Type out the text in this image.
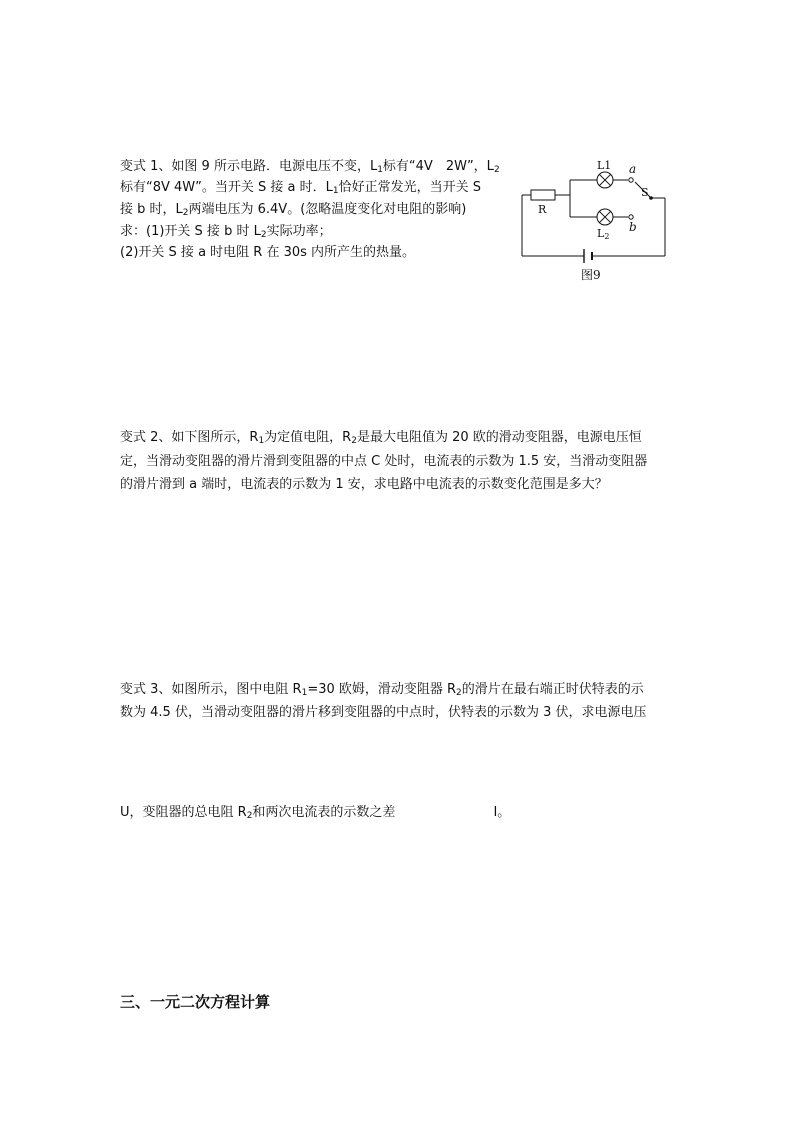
变式 1、如图 9 所示电路．电源电压不变，$L_1$标有“4V　2W”，$L_2$
标有“8V 4W”。当开关 S 接 a 时．$L_1$恰好正常发光，当开关 S
接 b 时，$L_2$两端电压为 6.4V。(忽略温度变化对电阻的影响)
求：(1)开关 S 接 b 时 $L_2$实际功率；
(2)开关 S 接 a 时电阻 R 在 30s 内所产生的热量。
L1
L2
R
a
b
S
图9
变式 2、如下图所示，$R_1$为定值电阻，$R_2$是最大电阻值为 20 欧的滑动变阻器，电源电压恒
定，当滑动变阻器的滑片滑到变阻器的中点 C 处时，电流表的示数为 1.5 安，当滑动变阻器
的滑片滑到 a 端时，电流表的示数为 1 安，求电路中电流表的示数变化范围是多大？
变式 3、如图所示，图中电阻 $R_1=30$ 欧姆，滑动变阻器 $R_2$的滑片在最右端正时伏特表的示
数为 4.5 伏，当滑动变阻器的滑片移到变阻器的中点时，伏特表的示数为 3 伏，求电源电压
U，变阻器的总电阻 $R_2$和两次电流表的示数之差	I。
三、一元二次方程计算
